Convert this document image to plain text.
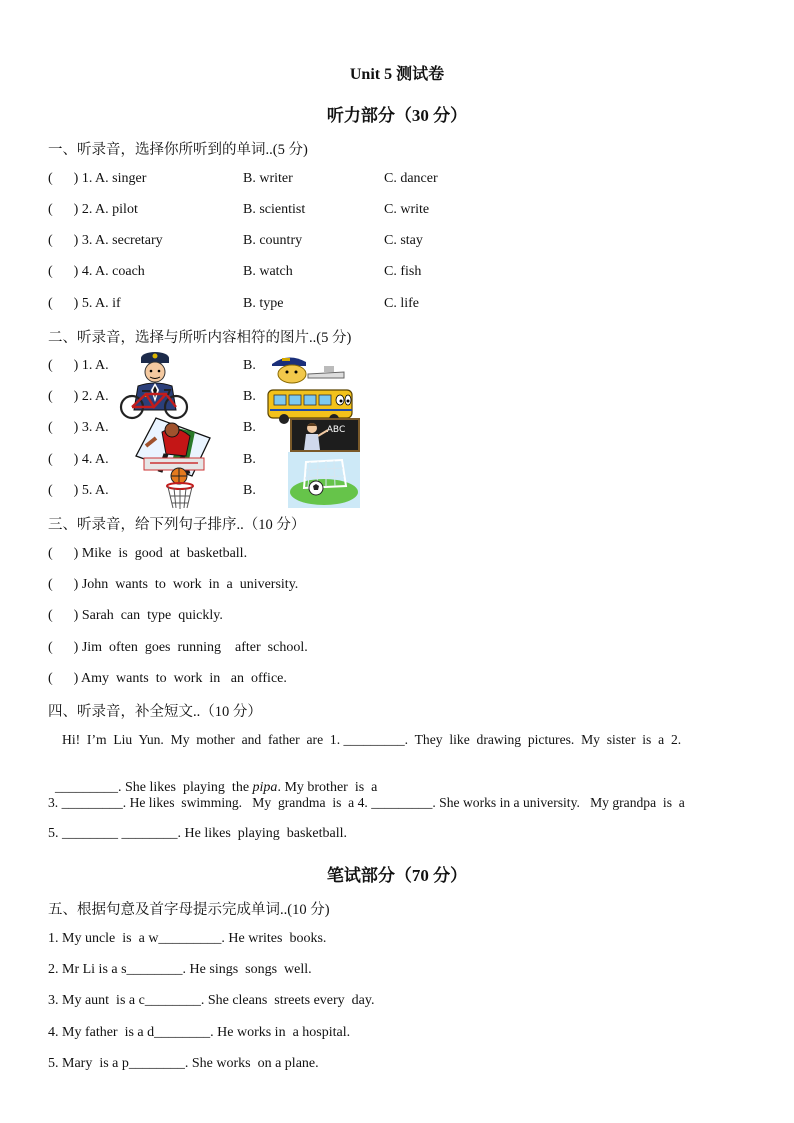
Unit 5 测试卷
听力部分（30 分）
一、听录音，选择你所听到的单词..(5 分)
(      ) 1. A. singer	B. writer	C. dancer
(      ) 2. A. pilot	B. scientist	C. write
(      ) 3. A. secretary	B. country	C. stay
(      ) 4. A. coach	B. watch	C. fish
(      ) 5. A. if	B. type	C. life
二、听录音，选择与所听内容相符的图片..(5 分)
(      ) 1. A.	B.
(      ) 2. A.	B.
(      ) 3. A.	B.
(      ) 4. A.	B.
(      ) 5. A.	B.
ABC
三、听录音，给下列句子排序..（10 分）
(      ) Mike  is  good  at  basketball.
(      ) John  wants  to  work  in  a  university.
(      ) Sarah  can  type  quickly.
(      ) Jim  often  goes  running    after  school.
(      ) Amy  wants  to  work  in   an  office.
四、听录音，补全短文..（10 分）
Hi!  I’m  Liu  Yun.  My  mother  and  father  are  1. _________.  They  like  drawing  pictures.  My  sister  is  a  2.

_________. She likes  playing  the pipa. My brother  is  a

3. _________. He likes  swimming.   My  grandma  is  a 4. _________. She works in a university.   My grandpa  is  a
5. ________ ________. He likes  playing  basketball.
笔试部分（70 分）
五、根据句意及首字母提示完成单词..(10 分)
1. My uncle  is  a w_________. He writes  books.
2. Mr Li is a s________. He sings  songs  well.
3. My aunt  is a c________. She cleans  streets every  day.
4. My father  is a d________. He works in  a hospital.
5. Mary  is a p________. She works  on a plane.
